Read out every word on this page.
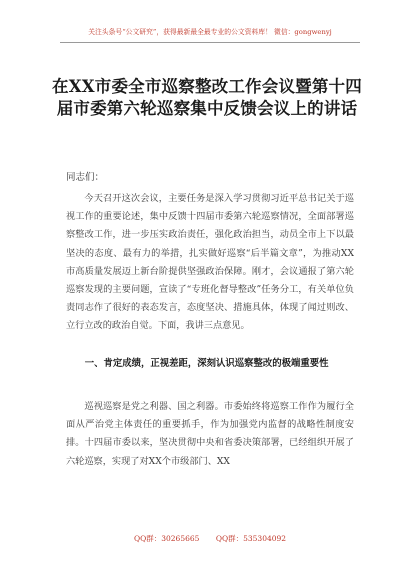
关注头条号“公文研究”，获得最新最全最专业的公文资料库！ 微信：gongwenyj
在XX市委全市巡察整改工作会议暨第十四届市委第六轮巡察集中反馈会议上的讲话
同志们：

今天召开这次会议，主要任务是深入学习贯彻习近平总书记关于巡视工作的重要论述，集中反馈十四届市委第六轮巡察情况，全面部署巡察整改工作，进一步压实政治责任，强化政治担当，动员全市上下以最坚决的态度、最有力的举措，扎实做好巡察“后半篇文章”，为推动XX市高质量发展迈上新台阶提供坚强政治保障。刚才，会议通报了第六轮巡察发现的主要问题，宣读了“专班化督导整改”任务分工，有关单位负责同志作了很好的表态发言，态度坚决、措施具体，体现了闻过则改、立行立改的政治自觉。下面，我讲三点意见。

一、肯定成绩，正视差距，深刻认识巡察整改的极端重要性

巡视巡察是党之利器、国之利器。市委始终将巡察工作作为履行全面从严治党主体责任的重要抓手，作为加强党内监督的战略性制度安排。十四届市委以来，坚决贯彻中央和省委决策部署，已经组织开展了六轮巡察，实现了对XX个市级部门、XX

QQ群：30265665 QQ群：535304092
